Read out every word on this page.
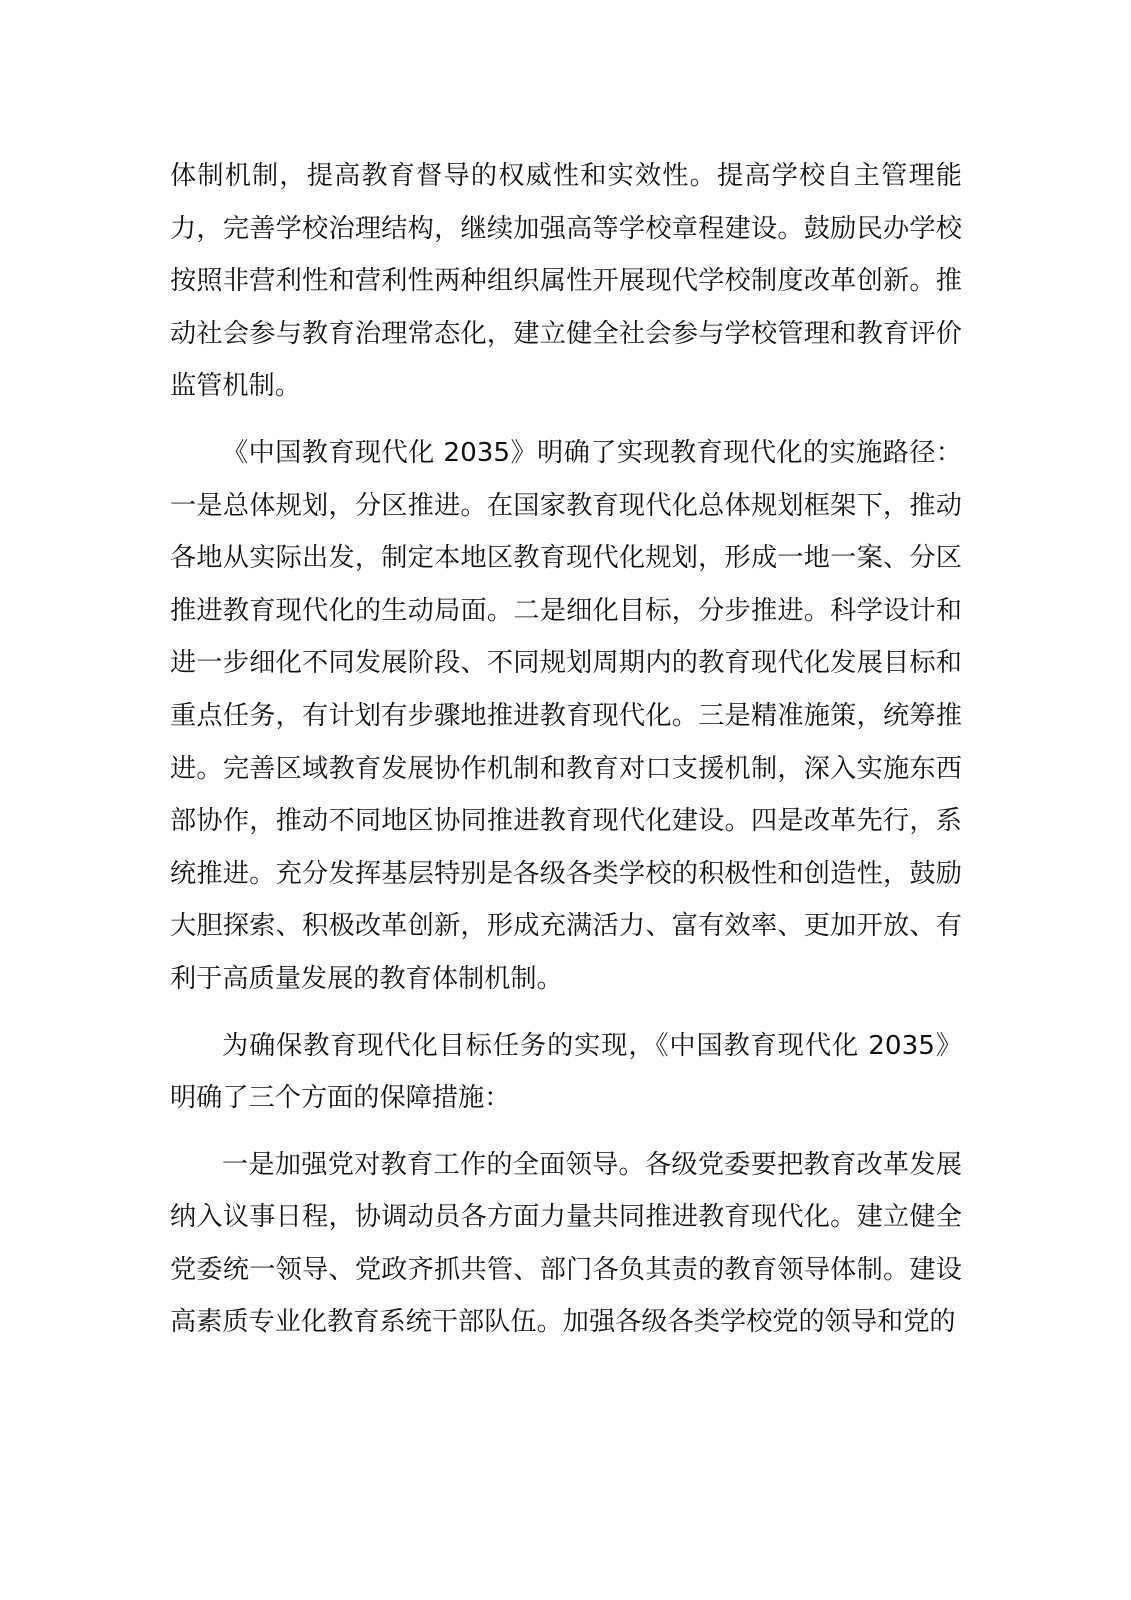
体制机制，提高教育督导的权威性和实效性。提高学校自主管理能力，完善学校治理结构，继续加强高等学校章程建设。鼓励民办学校按照非营利性和营利性两种组织属性开展现代学校制度改革创新。推动社会参与教育治理常态化，建立健全社会参与学校管理和教育评价监管机制。

《中国教育现代化 2035》明确了实现教育现代化的实施路径：一是总体规划，分区推进。在国家教育现代化总体规划框架下，推动各地从实际出发，制定本地区教育现代化规划，形成一地一案、分区推进教育现代化的生动局面。二是细化目标，分步推进。科学设计和进一步细化不同发展阶段、不同规划周期内的教育现代化发展目标和重点任务，有计划有步骤地推进教育现代化。三是精准施策，统筹推进。完善区域教育发展协作机制和教育对口支援机制，深入实施东西部协作，推动不同地区协同推进教育现代化建设。四是改革先行，系统推进。充分发挥基层特别是各级各类学校的积极性和创造性，鼓励大胆探索、积极改革创新，形成充满活力、富有效率、更加开放、有利于高质量发展的教育体制机制。

为确保教育现代化目标任务的实现，《中国教育现代化 2035》明确了三个方面的保障措施：

一是加强党对教育工作的全面领导。各级党委要把教育改革发展纳入议事日程，协调动员各方面力量共同推进教育现代化。建立健全党委统一领导、党政齐抓共管、部门各负其责的教育领导体制。建设高素质专业化教育系统干部队伍。加强各级各类学校党的领导和党的
